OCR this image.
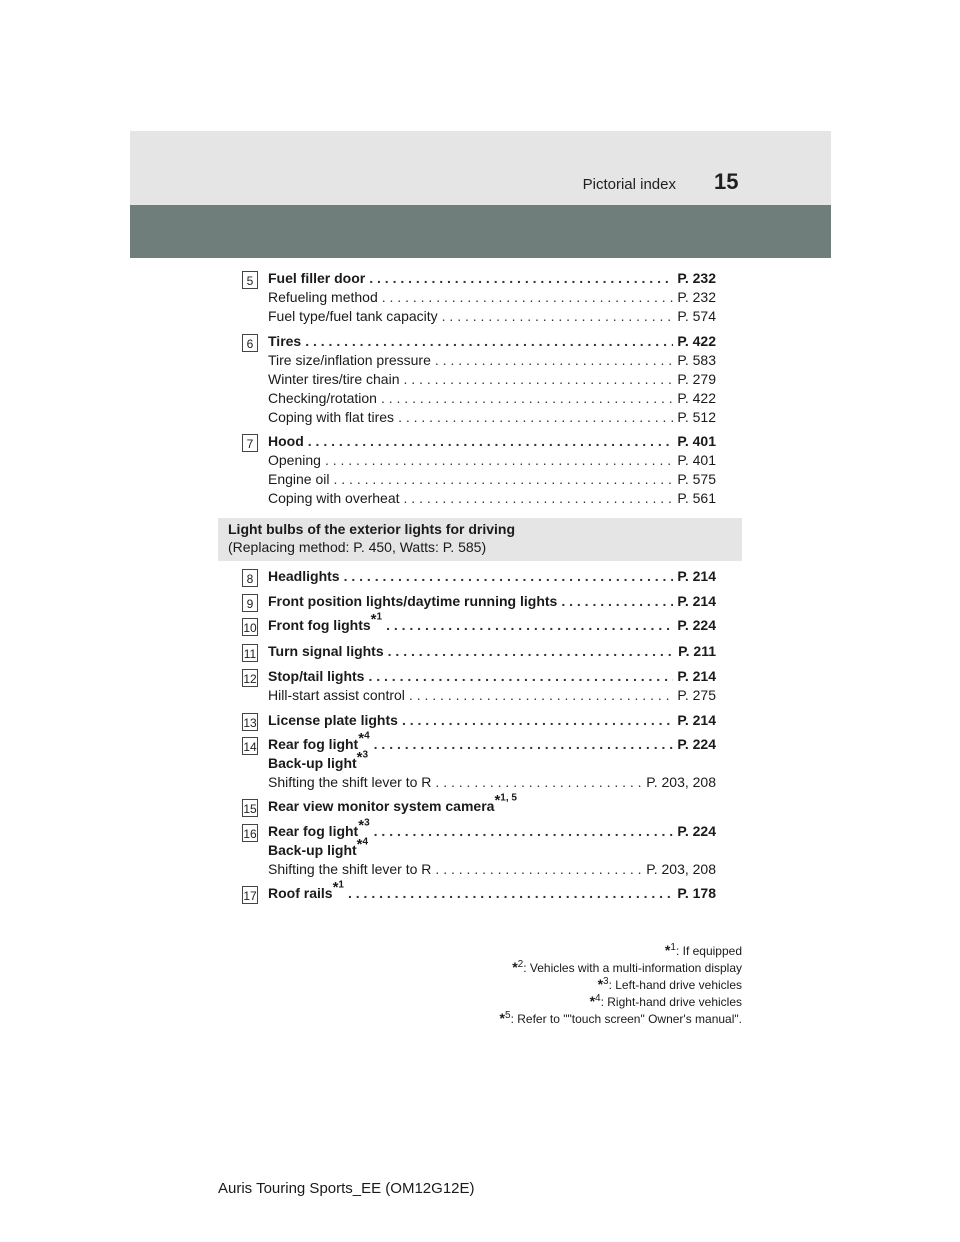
Pictorial index 15
5	Fuel filler door . . .	P. 232
Refueling method . . .	P. 232
Fuel type/fuel tank capacity . . .	P. 574
6	Tires . . .	P. 422
Tire size/inflation pressure . . .	P. 583
Winter tires/tire chain . . .	P. 279
Checking/rotation . . .	P. 422
Coping with flat tires . . .	P. 512
7	Hood . . .	P. 401
Opening . . .	P. 401
Engine oil . . .	P. 575
Coping with overheat . . .	P. 561
Light bulbs of the exterior lights for driving
(Replacing method: P. 450, Watts: P. 585)
8	Headlights . . .	P. 214
9	Front position lights/daytime running lights . . .	P. 214
10 Front fog lights$^{*^1}$ . . .	P. 224
11 Turn signal lights . . .	P. 211
12 Stop/tail lights . . .	P. 214
Hill-start assist control . . .	P. 275
13 License plate lights . . .	P. 214
14 Rear fog light$^{*^4}$ . . .	P. 224
Back-up light$^{*^3}$
Shifting the shift lever to R . . .	P. 203, 208
15 Rear view monitor system camera$^{*^{1, 5}}$
16 Rear fog light$^{*^3}$ . . .	P. 224
Back-up light$^{*^4}$
Shifting the shift lever to R . . .	P. 203, 208
17 Roof rails$^{*^1}$ . . .	P. 178
*$^1$: If equipped
*$^2$: Vehicles with a multi-information display
*$^3$: Left-hand drive vehicles
*$^4$: Right-hand drive vehicles
*$^5$: Refer to ""touch screen" Owner's manual".
Auris Touring Sports_EE (OM12G12E)
